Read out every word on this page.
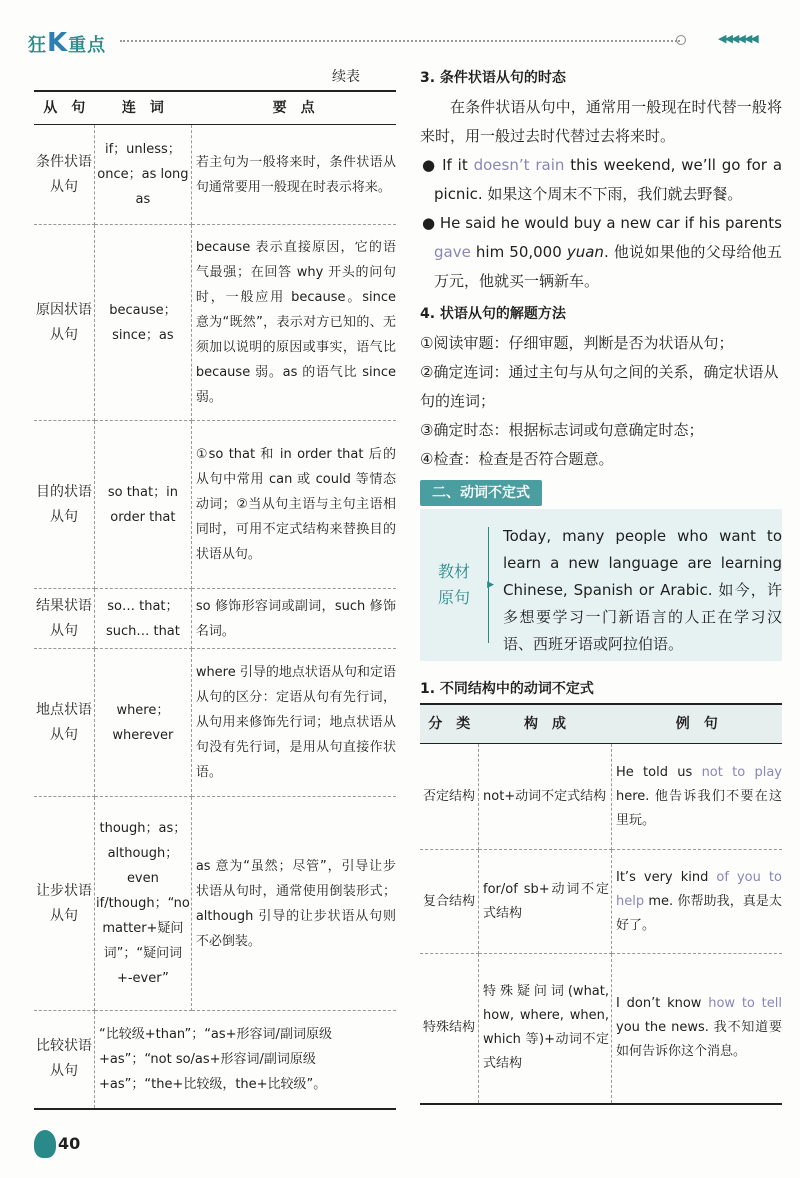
狂K重点	◀◀◀◀◀◀
续表
从　句	连　词	要　点
条件状语从句	if；unless；once；as long as	若主句为一般将来时，条件状语从句通常要用一般现在时表示将来。
原因状语从句	because；since；as	because 表示直接原因，它的语气最强；在回答 why 开头的问句时，一般应用 because。since 意为“既然”，表示对方已知的、无须加以说明的原因或事实，语气比 because 弱。as 的语气比 since 弱。
目的状语从句	so that；in order that	①so that 和 in order that 后的从句中常用 can 或 could 等情态动词；②当从句主语与主句主语相同时，可用不定式结构来替换目的状语从句。
结果状语从句	so… that；such… that	so 修饰形容词或副词，such 修饰名词。
地点状语从句	where；wherever	where 引导的地点状语从句和定语从句的区分：定语从句有先行词，从句用来修饰先行词；地点状语从句没有先行词，是用从句直接作状语。
让步状语从句	though；as；although；even if/though；“no matter+疑问词”；“疑问词+-ever”	as 意为“虽然；尽管”，引导让步状语从句时，通常使用倒装形式；although 引导的让步状语从句则不必倒装。
比较状语从句	“比较级+than”；“as+形容词/副词原级+as”；“not so/as+形容词/副词原级+as”；“the+比较级，the+比较级”。	
3. 条件状语从句的时态
在条件状语从句中，通常用一般现在时代替一般将来时，用一般过去时代替过去将来时。
● If it doesn’t rain this weekend, we’ll go for a picnic. 如果这个周末不下雨，我们就去野餐。
● He said he would buy a new car if his parents gave him 50,000 yuan. 他说如果他的父母给他五万元，他就买一辆新车。
4. 状语从句的解题方法
①阅读审题：仔细审题，判断是否为状语从句；
②确定连词：通过主句与从句之间的关系，确定状语从句的连词；
③确定时态：根据标志词或句意确定时态；
④检查：检查是否符合题意。
二、动词不定式
教材原句
▶
Today, many people who want to learn a new language are learning Chinese, Spanish or Arabic. 如今，许多想要学习一门新语言的人正在学习汉语、西班牙语或阿拉伯语。
1. 不同结构中的动词不定式
分　类	构　成	例　句
否定结构	not+动词不定式结构	He told us not to play here. 他告诉我们不要在这里玩。
复合结构	for/of sb+动词不定式结构	It’s very kind of you to help me. 你帮助我，真是太好了。
特殊结构	特殊疑问词(what, how, where, when, which 等)+动词不定式结构	I don’t know how to tell you the news. 我不知道要如何告诉你这个消息。
40
